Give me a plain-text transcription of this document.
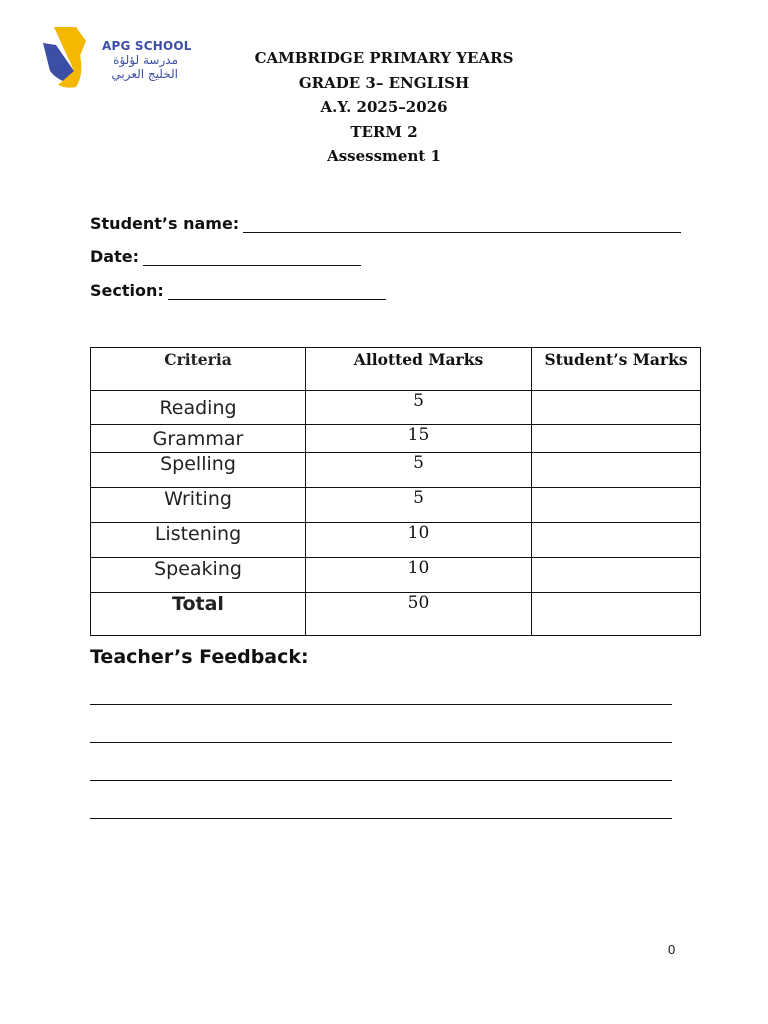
APG SCHOOL
مدرسة لؤلؤة
الخليج العربي
CAMBRIDGE PRIMARY YEARS
GRADE 3– ENGLISH
A.Y. 2025–2026
TERM 2
Assessment 1
Student’s name:
Date:
Section:
Criteria	Allotted Marks	Student’s Marks
Reading	5	
Grammar	15	
Spelling	5	
Writing	5	
Listening	10	
Speaking	10	
Total	50	
Teacher’s Feedback:
0
